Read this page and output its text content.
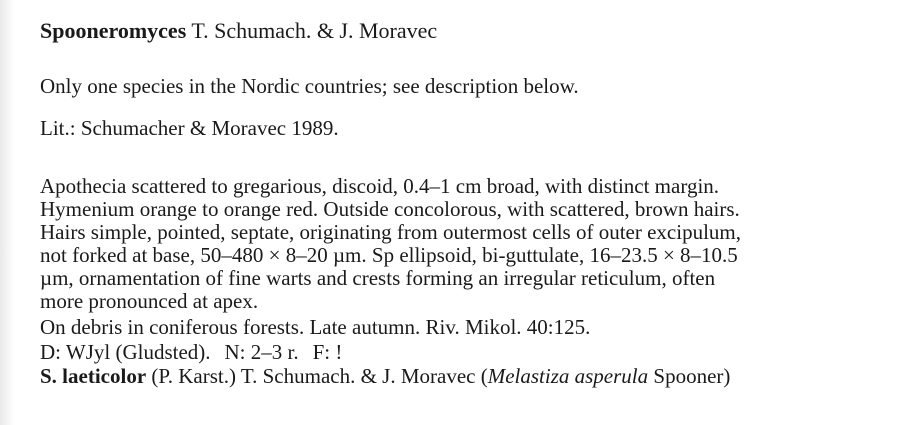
Spooneromyces T. Schumach. & J. Moravec
Only one species in the Nordic countries; see description below.
Lit.: Schumacher & Moravec 1989.
Apothecia scattered to gregarious, discoid, 0.4–1 cm broad, with distinct margin.
Hymenium orange to orange red. Outside concolorous, with scattered, brown hairs.
Hairs simple, pointed, septate, originating from outermost cells of outer excipulum,
not forked at base, 50–480 × 8–20 µm. Sp ellipsoid, bi-guttulate, 16–23.5 × 8–10.5
µm, ornamentation of fine warts and crests forming an irregular reticulum, often
more pronounced at apex.
On debris in coniferous forests. Late autumn. Riv. Mikol. 40:125.
D: WJyl (Gludsted). N: 2–3 r. F: !
S. laeticolor (P. Karst.) T. Schumach. & J. Moravec (Melastiza asperula Spooner)
